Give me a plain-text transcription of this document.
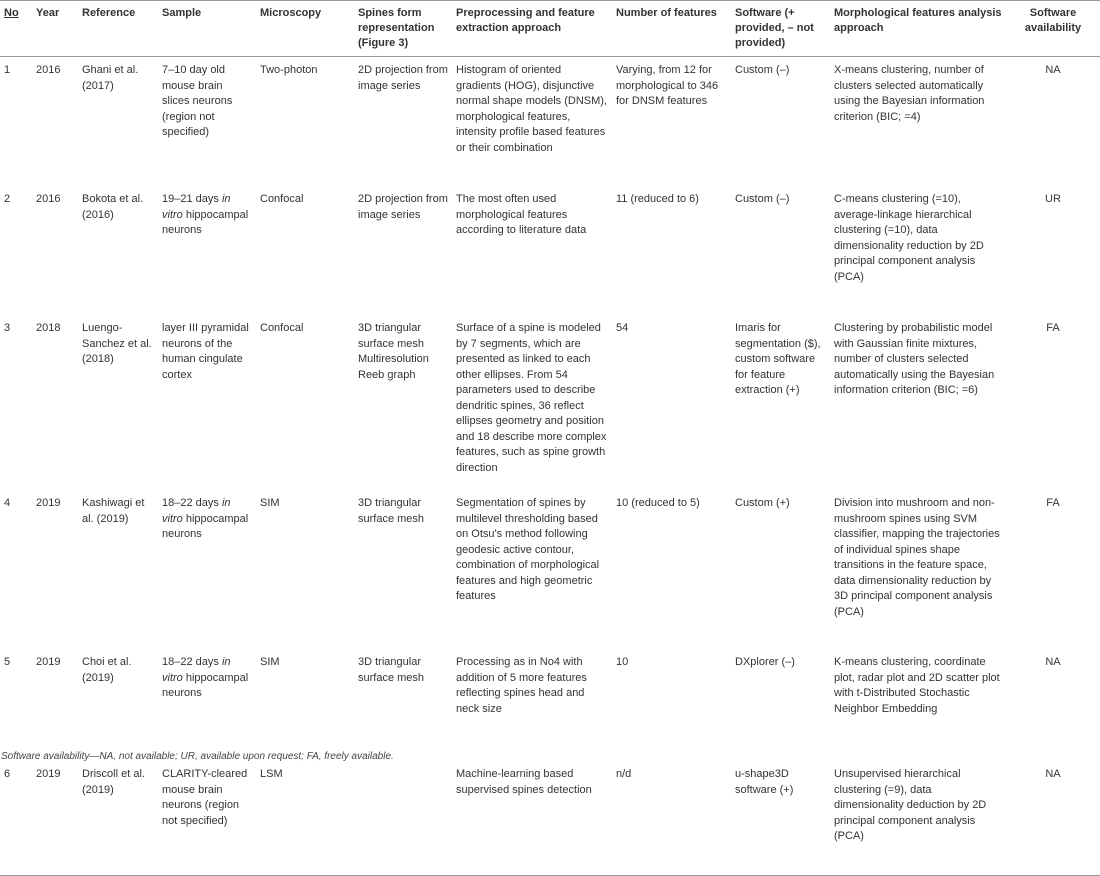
No	Year	Reference	Sample	Microscopy	Spines form representation (Figure 3)	Preprocessing and feature extraction approach	Number of features	Software (+ provided, – not provided)	Morphological features analysis approach	Software availability
1	2016	Ghani et al. (2017)	7–10 day old mouse brain slices neurons (region not specified)	Two-photon	2D projection from image series	Histogram of oriented gradients (HOG), disjunctive normal shape models (DNSM), morphological features, intensity profile based features or their combination	Varying, from 12 for morphological to 346 for DNSM features	Custom (–)	X-means clustering, number of clusters selected automatically using the Bayesian information criterion (BIC; =4)	NA
2	2016	Bokota et al. (2016)	19–21 days in vitro hippocampal neurons	Confocal	2D projection from image series	The most often used morphological features according to literature data	11 (reduced to 6)	Custom (–)	C-means clustering (=10), average-linkage hierarchical clustering (=10), data dimensionality reduction by 2D principal component analysis (PCA)	UR
3	2018	Luengo-Sanchez et al. (2018)	layer III pyramidal neurons of the human cingulate cortex	Confocal	3D triangular surface mesh Multiresolution Reeb graph	Surface of a spine is modeled by 7 segments, which are presented as linked to each other ellipses. From 54 parameters used to describe dendritic spines, 36 reflect ellipses geometry and position and 18 describe more complex features, such as spine growth direction	54	Imaris for segmentation ($), custom software for feature extraction (+)	Clustering by probabilistic model with Gaussian finite mixtures, number of clusters selected automatically using the Bayesian information criterion (BIC; =6)	FA
4	2019	Kashiwagi et al. (2019)	18–22 days in vitro hippocampal neurons	SIM	3D triangular surface mesh	Segmentation of spines by multilevel thresholding based on Otsu's method following geodesic active contour, combination of morphological features and high geometric features	10 (reduced to 5)	Custom (+)	Division into mushroom and non-mushroom spines using SVM classifier, mapping the trajectories of individual spines shape transitions in the feature space, data dimensionality reduction by 3D principal component analysis (PCA)	FA
5	2019	Choi et al. (2019)	18–22 days in vitro hippocampal neurons	SIM	3D triangular surface mesh	Processing as in No4 with addition of 5 more features reflecting spines head and neck size	10	DXplorer (–)	K-means clustering, coordinate plot, radar plot and 2D scatter plot with t-Distributed Stochastic Neighbor Embedding	NA
6	2019	Driscoll et al. (2019)	CLARITY-cleared mouse brain neurons (region not specified)	LSM		Machine-learning based supervised spines detection	n/d	u-shape3D software (+)	Unsupervised hierarchical clustering (=9), data dimensionality deduction by 2D principal component analysis (PCA)	NA
Software availability—NA, not available; UR, available upon request; FA, freely available.
